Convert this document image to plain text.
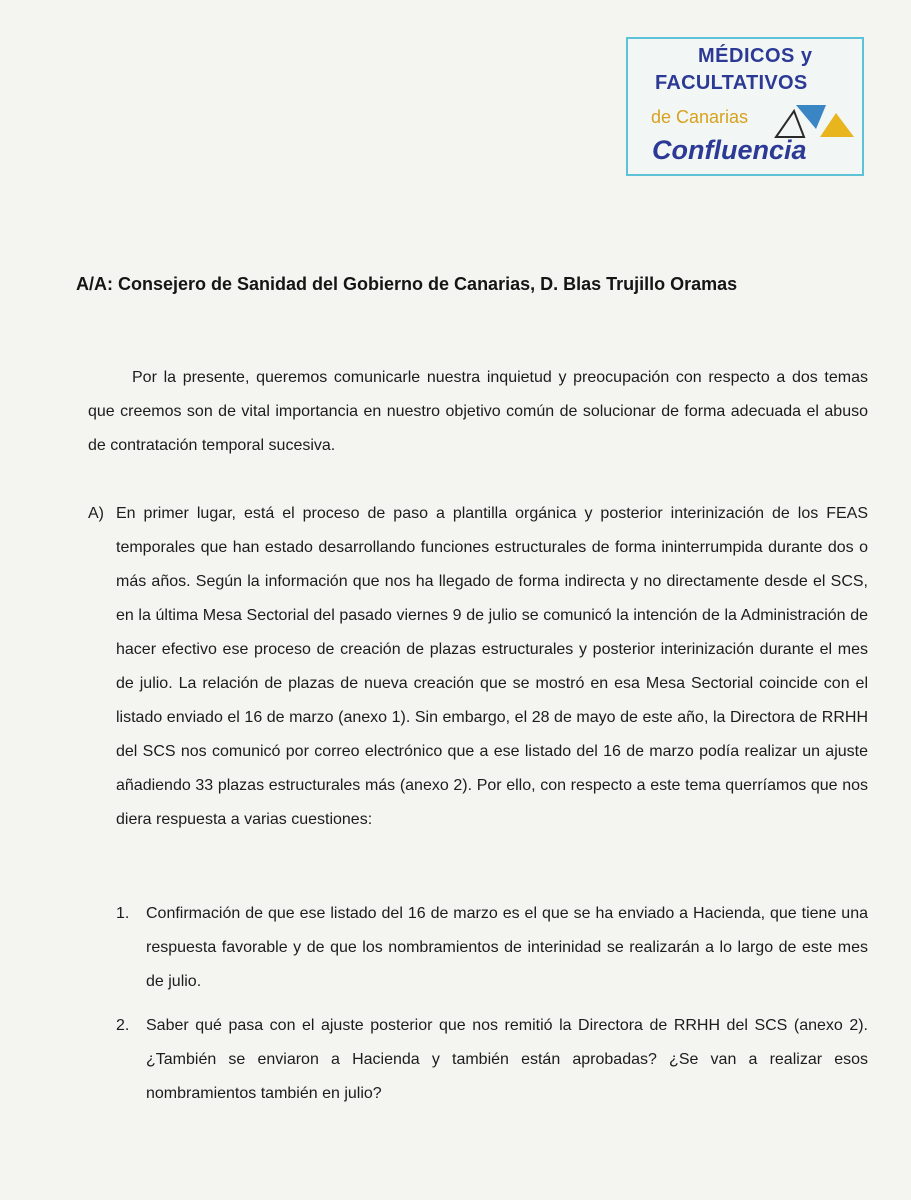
MÉDICOS y
FACULTATIVOS
de Canarias
Confluencia
A/A: Consejero de Sanidad del Gobierno de Canarias, D. Blas Trujillo Oramas

Por la presente, queremos comunicarle nuestra inquietud y preocupación con respecto a dos temas que creemos son de vital importancia en nuestro objetivo común de solucionar de forma adecuada el abuso de contratación temporal sucesiva.

A) En primer lugar, está el proceso de paso a plantilla orgánica y posterior interinización de los FEAS temporales que han estado desarrollando funciones estructurales de forma ininterrumpida durante dos o más años. Según la información que nos ha llegado de forma indirecta y no directamente desde el SCS, en la última Mesa Sectorial del pasado viernes 9 de julio se comunicó la intención de la Administración de hacer efectivo ese proceso de creación de plazas estructurales y posterior interinización durante el mes de julio. La relación de plazas de nueva creación que se mostró en esa Mesa Sectorial coincide con el listado enviado el 16 de marzo (anexo 1). Sin embargo, el 28 de mayo de este año, la Directora de RRHH del SCS nos comunicó por correo electrónico que a ese listado del 16 de marzo podía realizar un ajuste añadiendo 33 plazas estructurales más (anexo 2). Por ello, con respecto a este tema querríamos que nos diera respuesta a varias cuestiones:
1. Confirmación de que ese listado del 16 de marzo es el que se ha enviado a Hacienda, que tiene una respuesta favorable y de que los nombramientos de interinidad se realizarán a lo largo de este mes de julio.
2. Saber qué pasa con el ajuste posterior que nos remitió la Directora de RRHH del SCS (anexo 2). ¿También se enviaron a Hacienda y también están aprobadas? ¿Se van a realizar esos nombramientos también en julio?
